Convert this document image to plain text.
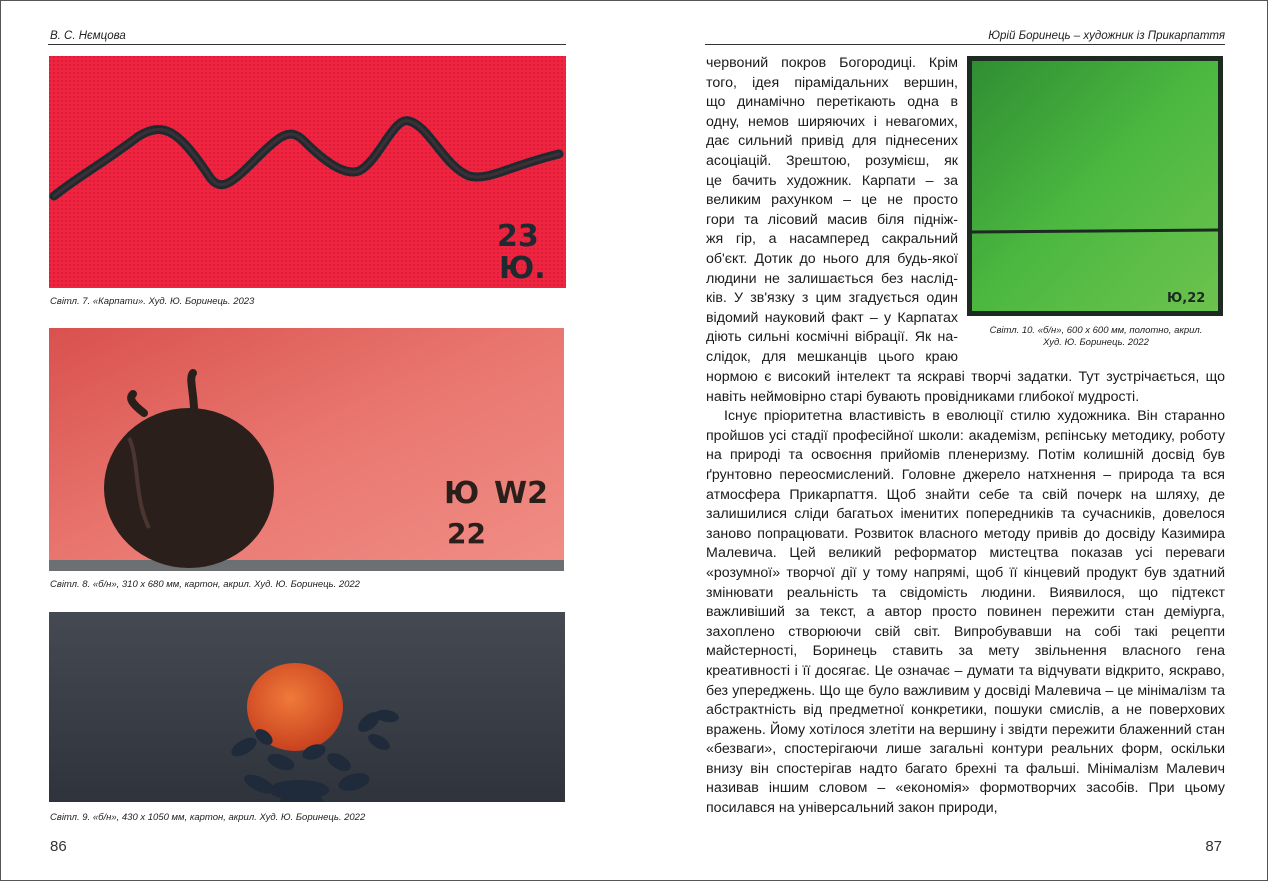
В. С. Нємцова
23
Ю.
Світл. 7. «Карпати». Худ. Ю. Боринець. 2023
Ю W2
22
Світл. 8. «б/н», 310 х 680 мм, картон, акрил. Худ. Ю. Боринець. 2022
Світл. 9. «б/н», 430 х 1050 мм, картон, акрил. Худ. Ю. Боринець. 2022
86
Юрій Боринець – художник із Прикарпаття
Ю,22
Світл. 10. «б/н», 600 х 600 мм, полотно, акрил.
Худ. Ю. Боринець. 2022
червоний покров Богородиці. Крім
того, ідея пірамідальних вершин,
що динамічно перетікають одна в
одну, немов ширяючих і невагомих,
дає сильний привід для піднесених
асоціацій. Зрештою, розумієш, як
це бачить художник. Карпати – за
великим рахунком – це не просто
гори та лісовий масив біля підніж-
жя гір, а насамперед сакральний
об'єкт. Дотик до нього для будь-якої
людини не залишається без наслід-
ків. У зв'язку з цим згадується один
відомий науковий факт – у Карпатах
діють сильні космічні вібрації. Як на-
слідок, для мешканців цього краю

нормою є високий інтелект та яскраві творчі задатки. Тут зустрічається, що навіть неймовірно старі бувають провідниками глибокої мудрості.

Існує пріоритетна властивість в еволюції стилю художника. Він старанно пройшов усі стадії професійної школи: академізм, рєпінську методику, роботу на природі та освоєння прийомів пленеризму. Потім колишній досвід був ґрунтовно переосмислений. Головне джерело натхнення – природа та вся атмосфера Прикарпаття. Щоб знайти себе та свій почерк на шляху, де залишилися сліди багатьох іменитих попередників та сучасників, довелося заново попрацювати. Розвиток власного методу привів до досвіду Казимира Малевича. Цей великий реформатор мистецтва показав усі переваги «розумної» творчої дії у тому напрямі, щоб її кінцевий продукт був здатний змінювати реальність та свідомість людини. Виявилося, що підтекст важливіший за текст, а автор просто повинен пережити стан деміурга, захоплено створюючи свій світ. Випробувавши на собі такі рецепти майстерності, Боринець ставить за мету звільнення власного гена креативності і її досягає. Це означає – думати та відчувати відкрито, яскраво, без упереджень. Що ще було важливим у досвіді Малевича – це мінімалізм та абстрактність від предметної конкретики, пошуки смислів, а не поверхових вражень. Йому хотілося злетіти на вершину і звідти пережити блаженний стан «безваги», спостерігаючи лише загальні контури реальних форм, оскільки внизу він спостерігав надто багато брехні та фальші. Мінімалізм Малевич називав іншим словом – «економія» формотворчих засобів. При цьому посилався на універсальний закон природи,

87
